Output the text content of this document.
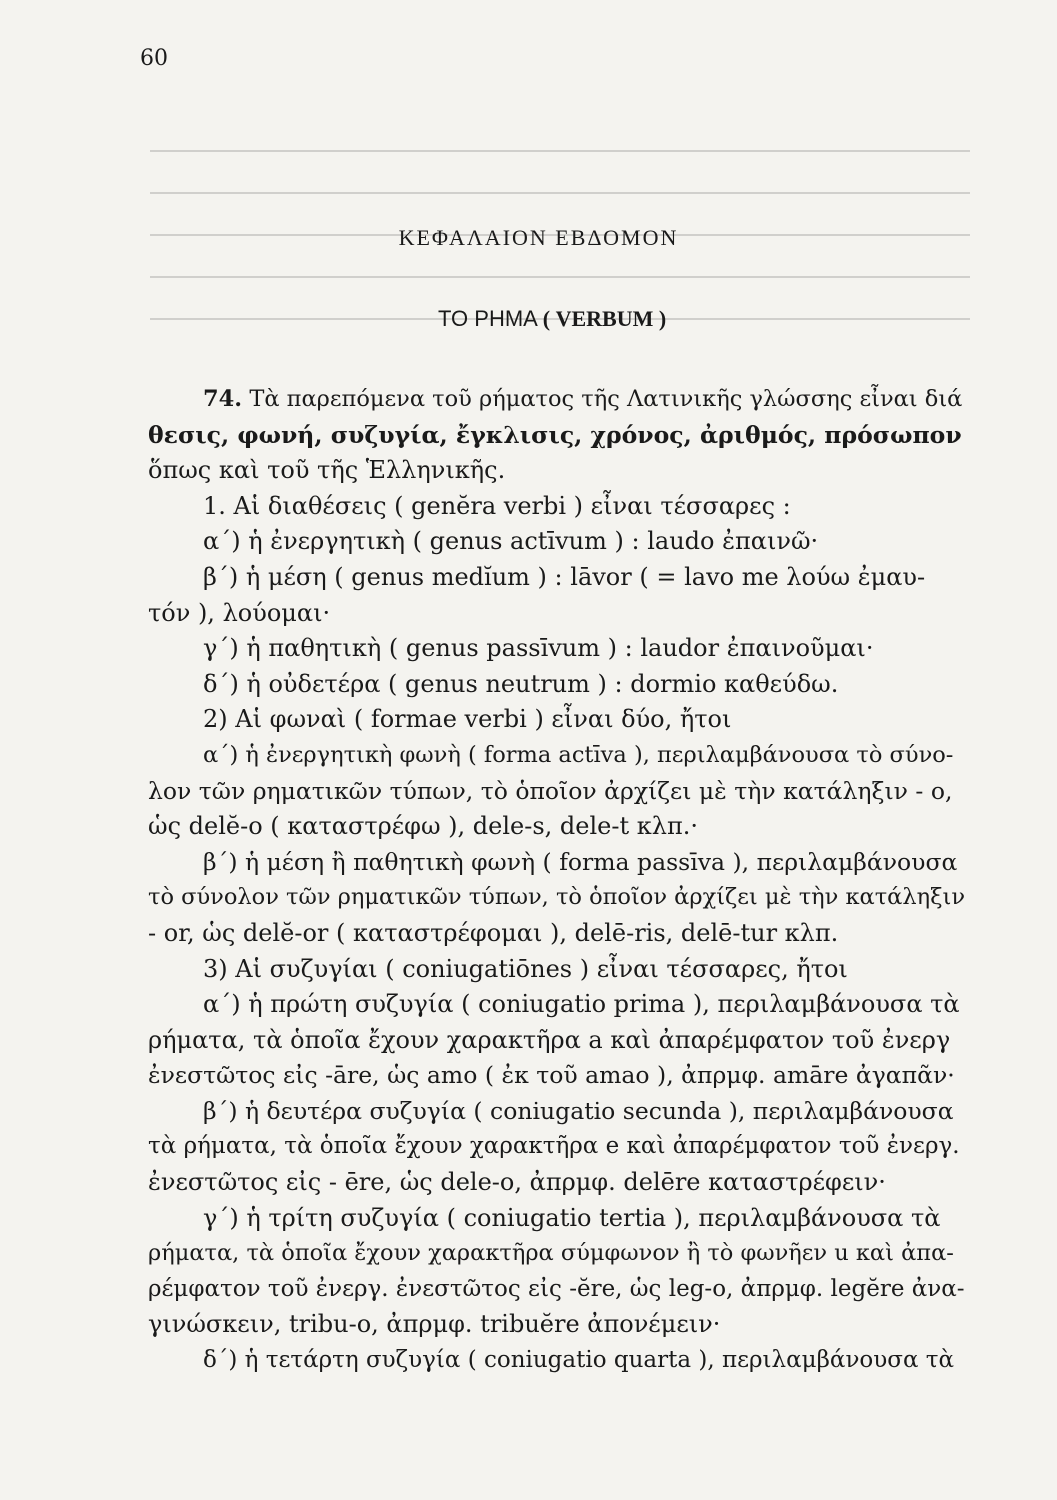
60
ΚΕΦΑΛΑΙΟΝ ΕΒΔΟΜΟΝ
ΤΟ ΡΗΜΑ ( VERBUM )
74. Τὰ παρεπόμενα τοῦ ρήματος τῆς Λατινικῆς γλώσσης εἶναι διά
θεσις, φωνή, συζυγία, ἔγκλισις, χρόνος, ἀριθμός, πρόσωπον
ὅπως καὶ τοῦ τῆς Ἑλληνικῆς.
1. Αἱ διαθέσεις ( genĕra verbi ) εἶναι τέσσαρες :
α΄) ἡ ἐνεργητικὴ ( genus actīvum ) : laudo ἐπαινῶ·
β΄) ἡ μέση ( genus medĭum ) : lāvor ( = lavo me λούω ἐμαυ-
τόν ), λούομαι·
γ΄) ἡ παθητικὴ ( genus passīvum ) : laudor ἐπαινοῦμαι·
δ΄) ἡ οὐδετέρα ( genus neutrum ) : dormio καθεύδω.
2) Αἱ φωναὶ ( formae verbi ) εἶναι δύο, ἤτοι
α΄) ἡ ἐνεργητικὴ φωνὴ ( forma actīva ), περιλαμβάνουσα τὸ σύνο-
λον τῶν ρηματικῶν τύπων, τὸ ὁποῖον ἀρχίζει μὲ τὴν κατάληξιν - o,
ὡς delĕ-o ( καταστρέφω ), dele-s, dele-t κλπ.·
β΄) ἡ μέση ἢ παθητικὴ φωνὴ ( forma passīva ), περιλαμβάνουσα
τὸ σύνολον τῶν ρηματικῶν τύπων, τὸ ὁποῖον ἀρχίζει μὲ τὴν κατάληξιν
- or, ὡς delĕ-or ( καταστρέφομαι ), delē-ris, delē-tur κλπ.
3) Αἱ συζυγίαι ( coniugatiōnes ) εἶναι τέσσαρες, ἤτοι
α΄) ἡ πρώτη συζυγία ( coniugatio prima ), περιλαμβάνουσα τὰ
ρήματα, τὰ ὁποῖα ἔχουν χαρακτῆρα a καὶ ἀπαρέμφατον τοῦ ἐνεργ
ἐνεστῶτος εἰς -āre, ὡς amo ( ἐκ τοῦ amao ), ἀπρμφ. amāre ἀγαπᾶν·
β΄) ἡ δευτέρα συζυγία ( coniugatio secunda ), περιλαμβάνουσα
τὰ ρήματα, τὰ ὁποῖα ἔχουν χαρακτῆρα e καὶ ἀπαρέμφατον τοῦ ἐνεργ.
ἐνεστῶτος εἰς - ēre, ὡς dele-o, ἀπρμφ. delēre καταστρέφειν·
γ΄) ἡ τρίτη συζυγία ( coniugatio tertia ), περιλαμβάνουσα τὰ
ρήματα, τὰ ὁποῖα ἔχουν χαρακτῆρα σύμφωνον ἢ τὸ φωνῆεν u καὶ ἀπα-
ρέμφατον τοῦ ἐνεργ. ἐνεστῶτος εἰς -ĕre, ὡς leg-o, ἀπρμφ. legĕre ἀνα-
γινώσκειν, tribu-o, ἀπρμφ. tribuĕre ἀπονέμειν·
δ΄) ἡ τετάρτη συζυγία ( coniugatio quarta ), περιλαμβάνουσα τὰ
